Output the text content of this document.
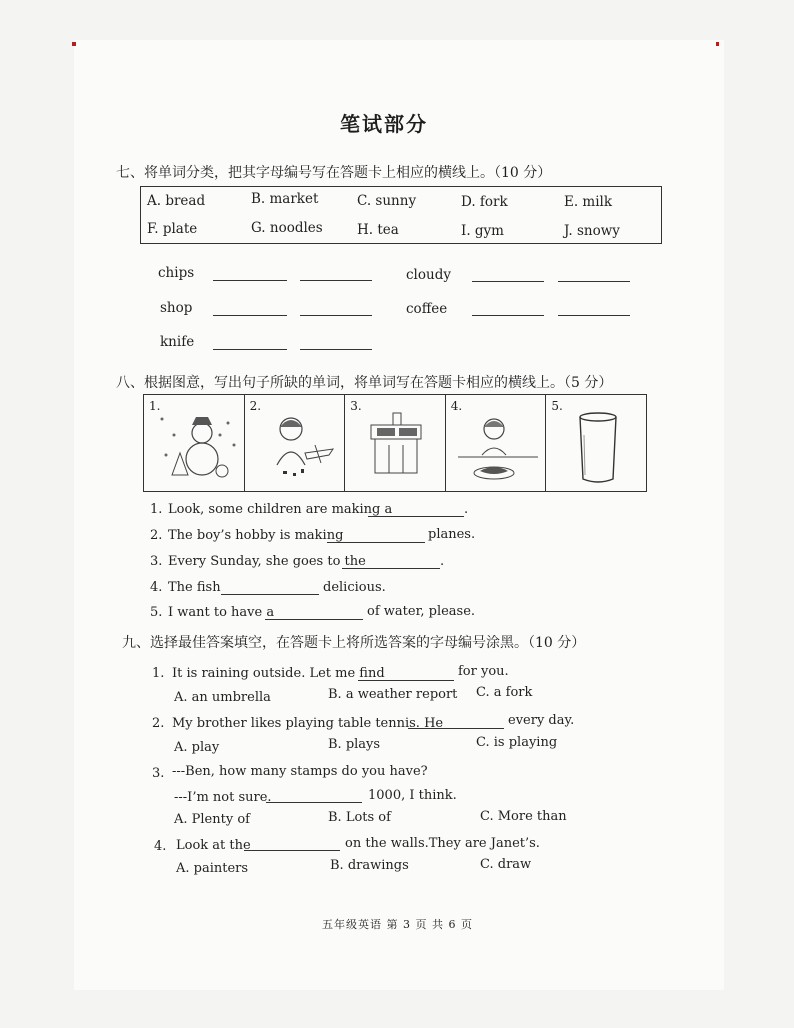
笔试部分
七、将单词分类，把其字母编号写在答题卡上相应的横线上。（10 分）
A. bread	B. market	C. sunny	D. fork	E. milk
F. plate	G. noodles	H. tea	I. gym	J. snowy
chips	cloudy
shop	coffee
knife
八、根据图意，写出句子所缺的单词，将单词写在答题卡相应的横线上。（5 分）
1.	2.	3.	4.	5.
1. Look, some children are making a	.
2. The boy’s hobby is making	planes.
3. Every Sunday, she goes to the	.
4. The fish	delicious.
5. I want to have a	of water, please.
九、选择最佳答案填空，在答题卡上将所选答案的字母编号涂黑。（10 分）
1. It is raining outside. Let me find	for you.
A. an umbrella	B. a weather report C. a fork
2. My brother likes playing table tennis. He	every day.
A. play	B. plays	C. is playing
3. ---Ben, how many stamps do you have?
---I’m not sure.	1000, I think.
A. Plenty of	B. Lots of	C. More than
4. Look at the	on the walls.They are Janet’s.
A. painters	B. drawings	C. draw
五年级英语 第 3 页 共 6 页
